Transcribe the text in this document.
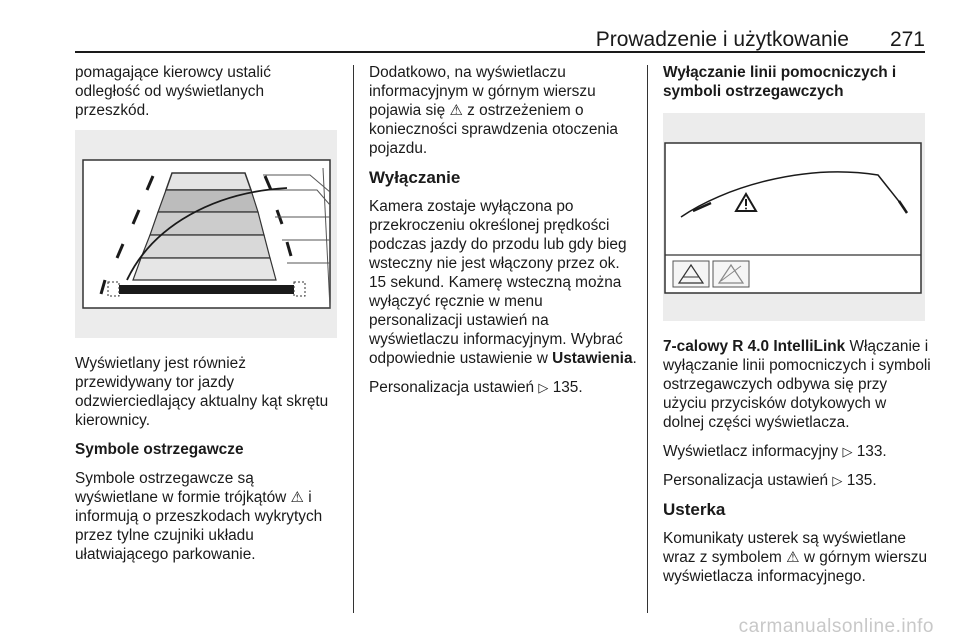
Prowadzenie i użytkowanie 271

pomagające kierowcy ustalić odległość od wyświetlanych przeszkód.

Wyświetlany jest również przewidywany tor jazdy odzwierciedlający aktualny kąt skrętu kierownicy.

Symbole ostrzegawcze

Symbole ostrzegawcze są wyświetlane w formie trójkątów ⚠ i informują o przeszkodach wykrytych przez tylne czujniki układu ułatwiającego parkowanie.

Dodatkowo, na wyświetlaczu informacyjnym w górnym wierszu pojawia się ⚠ z ostrzeżeniem o konieczności sprawdzenia otoczenia pojazdu.

Wyłączanie

Kamera zostaje wyłączona po przekroczeniu określonej prędkości podczas jazdy do przodu lub gdy bieg wsteczny nie jest włączony przez ok. 15 sekund. Kamerę wsteczną można wyłączyć ręcznie w menu personalizacji ustawień na wyświetlaczu informacyjnym. Wybrać odpowiednie ustawienie w Ustawienia.

Personalizacja ustawień ▷ 135.

Wyłączanie linii pomocniczych i symboli ostrzegawczych

7-calowy R 4.0 IntelliLink Włączanie i wyłączanie linii pomocniczych i symboli ostrzegawczych odbywa się przy użyciu przycisków dotykowych w dolnej części wyświetlacza.

Wyświetlacz informacyjny ▷ 133.

Personalizacja ustawień ▷ 135.

Usterka

Komunikaty usterek są wyświetlane wraz z symbolem ⚠ w górnym wierszu wyświetlacza informacyjnego.

carmanualsonline.info
